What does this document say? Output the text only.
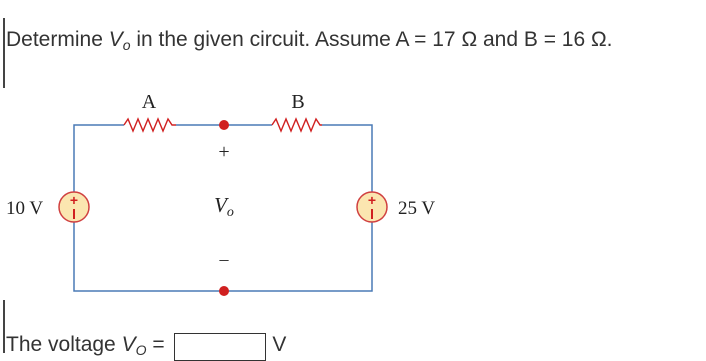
Determine $V_o$ in the given circuit. Assume A = 17 Ω and B = 16 Ω.
A	B
+
–
Vo
+
10 V	+ 25 V
The voltage $V_O$ =	V
